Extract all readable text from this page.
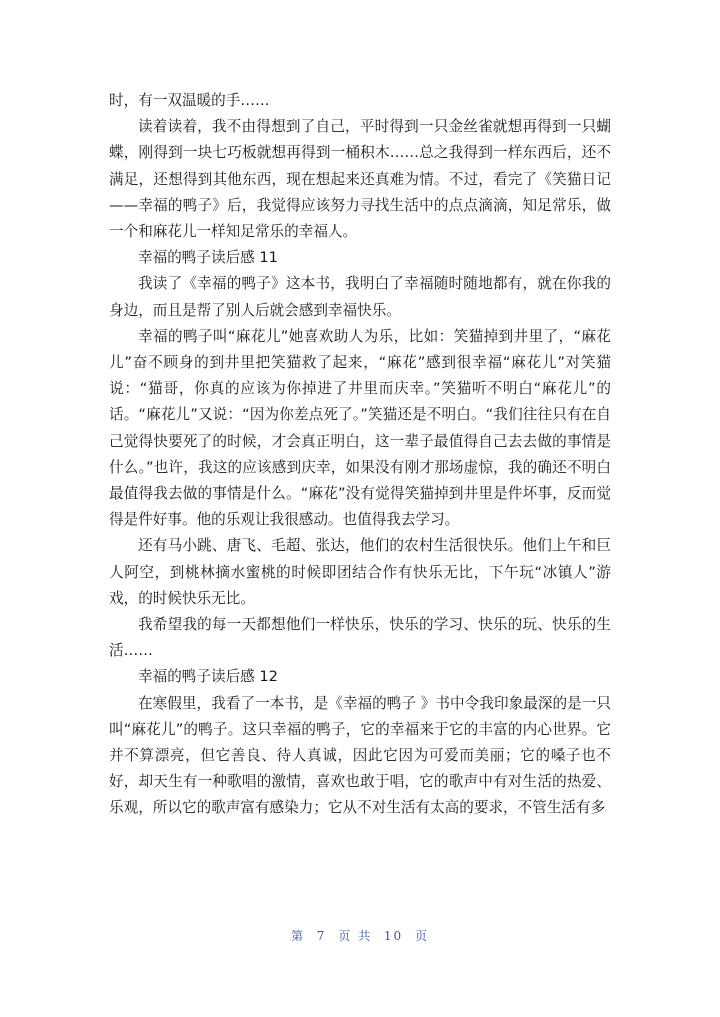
时，有一双温暖的手……

读着读着，我不由得想到了自己，平时得到一只金丝雀就想再得到一只蝴蝶，刚得到一块七巧板就想再得到一桶积木……总之我得到一样东西后，还不满足，还想得到其他东西，现在想起来还真难为情。不过，看完了《笑猫日记——幸福的鸭子》后，我觉得应该努力寻找生活中的点点滴滴，知足常乐，做一个和麻花儿一样知足常乐的幸福人。

幸福的鸭子读后感 11

我读了《幸福的鸭子》这本书，我明白了幸福随时随地都有，就在你我的身边，而且是帮了别人后就会感到幸福快乐。

幸福的鸭子叫“麻花儿”她喜欢助人为乐，比如：笑猫掉到井里了，“麻花儿”奋不顾身的到井里把笑猫救了起来，“麻花”感到很幸福“麻花儿”对笑猫说：“猫哥，你真的应该为你掉进了井里而庆幸。”笑猫听不明白“麻花儿”的话。“麻花儿”又说：“因为你差点死了。”笑猫还是不明白。“我们往往只有在自己觉得快要死了的时候，才会真正明白，这一辈子最值得自己去去做的事情是什么。”也许，我这的应该感到庆幸，如果没有刚才那场虚惊，我的确还不明白最值得我去做的事情是什么。“麻花”没有觉得笑猫掉到井里是件坏事，反而觉得是件好事。他的乐观让我很感动。也值得我去学习。

还有马小跳、唐飞、毛超、张达，他们的农村生活很快乐。他们上午和巨人阿空，到桃林摘水蜜桃的时候即团结合作有快乐无比，下午玩“冰镇人”游戏，的时候快乐无比。

我希望我的每一天都想他们一样快乐，快乐的学习、快乐的玩、快乐的生活……

幸福的鸭子读后感 12

在寒假里，我看了一本书，是《幸福的鸭子 》书中令我印象最深的是一只叫“麻花儿”的鸭子。这只幸福的鸭子，它的幸福来于它的丰富的内心世界。它并不算漂亮，但它善良、待人真诚，因此它因为可爱而美丽；它的嗓子也不好，却天生有一种歌唱的激情，喜欢也敢于唱，它的歌声中有对生活的热爱、乐观，所以它的歌声富有感染力；它从不对生活有太高的要求，不管生活有多

第 7 页 共 10 页
